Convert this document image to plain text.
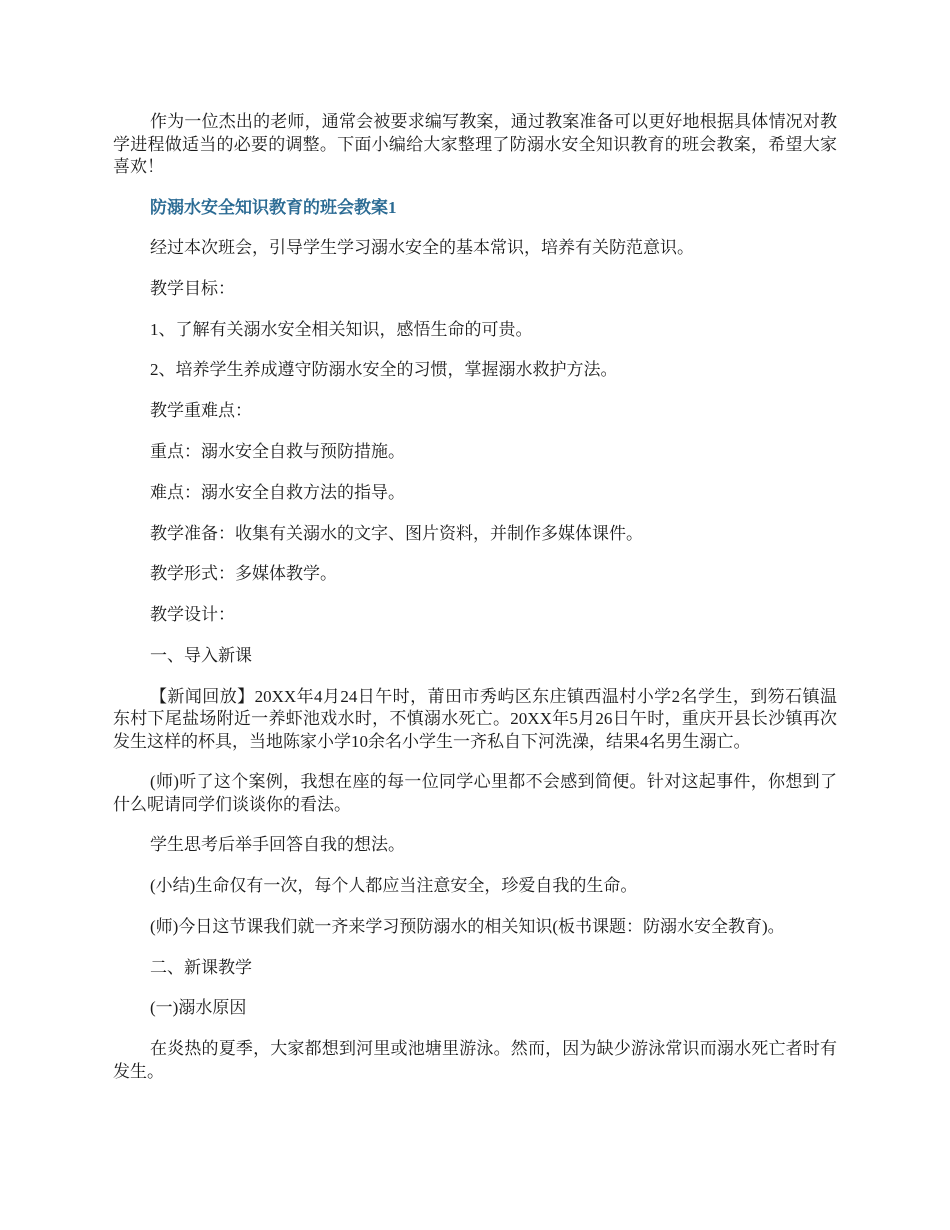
作为一位杰出的老师，通常会被要求编写教案，通过教案准备可以更好地根据具体情况对教学进程做适当的必要的调整。下面小编给大家整理了防溺水安全知识教育的班会教案，希望大家喜欢！

防溺水安全知识教育的班会教案1

经过本次班会，引导学生学习溺水安全的基本常识，培养有关防范意识。

教学目标：

1、了解有关溺水安全相关知识，感悟生命的可贵。

2、培养学生养成遵守防溺水安全的习惯，掌握溺水救护方法。

教学重难点：

重点：溺水安全自救与预防措施。

难点：溺水安全自救方法的指导。

教学准备：收集有关溺水的文字、图片资料，并制作多媒体课件。

教学形式：多媒体教学。

教学设计：

一、导入新课

【新闻回放】20XX年4月24日午时，莆田市秀屿区东庄镇西温村小学2名学生，到笏石镇温东村下尾盐场附近一养虾池戏水时，不慎溺水死亡。20XX年5月26日午时，重庆开县长沙镇再次发生这样的杯具，当地陈家小学10余名小学生一齐私自下河洗澡，结果4名男生溺亡。

(师)听了这个案例，我想在座的每一位同学心里都不会感到简便。针对这起事件，你想到了什么呢请同学们谈谈你的看法。

学生思考后举手回答自我的想法。

(小结)生命仅有一次，每个人都应当注意安全，珍爱自我的生命。

(师)今日这节课我们就一齐来学习预防溺水的相关知识(板书课题：防溺水安全教育)。

二、新课教学

(一)溺水原因

在炎热的夏季，大家都想到河里或池塘里游泳。然而，因为缺少游泳常识而溺水死亡者时有发生。
